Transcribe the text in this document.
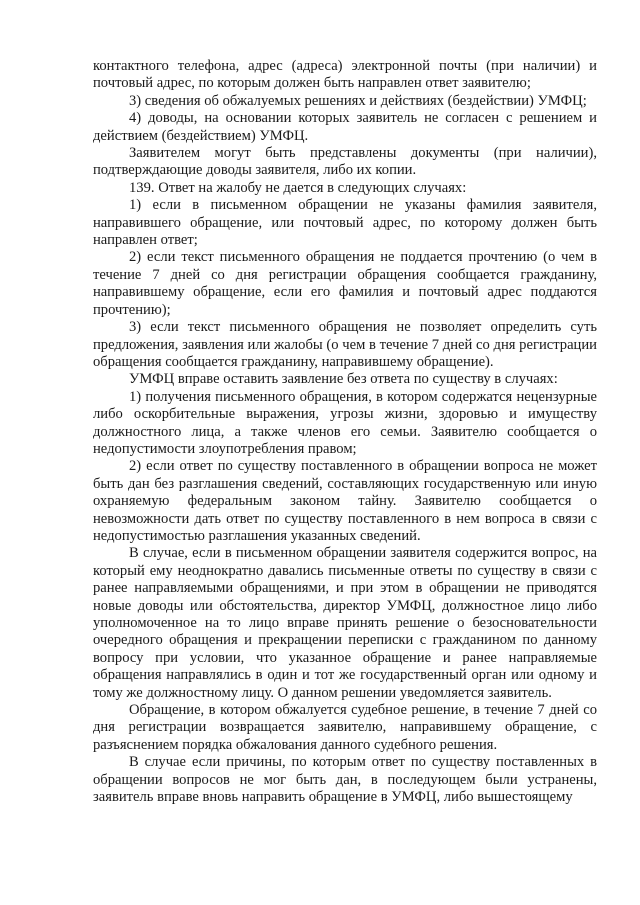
контактного телефона, адрес (адреса) электронной почты (при наличии) и почтовый адрес, по которым должен быть направлен ответ заявителю;

3) сведения об обжалуемых решениях и действиях (бездействии) УМФЦ;

4) доводы, на основании которых заявитель не согласен с решением и действием (бездействием) УМФЦ.

Заявителем могут быть представлены документы (при наличии), подтверждающие доводы заявителя, либо их копии.

139. Ответ на жалобу не дается в следующих случаях:

1) если в письменном обращении не указаны фамилия заявителя, направившего обращение, или почтовый адрес, по которому должен быть направлен ответ;

2) если текст письменного обращения не поддается прочтению (о чем в течение 7 дней со дня регистрации обращения сообщается гражданину, направившему обращение, если его фамилия и почтовый адрес поддаются прочтению);

3) если текст письменного обращения не позволяет определить суть предложения, заявления или жалобы (о чем в течение 7 дней со дня регистрации обращения сообщается гражданину, направившему обращение).

УМФЦ вправе оставить заявление без ответа по существу в случаях:

1) получения письменного обращения, в котором содержатся нецензурные либо оскорбительные выражения, угрозы жизни, здоровью и имуществу должностного лица, а также членов его семьи. Заявителю сообщается о недопустимости злоупотребления правом;

2) если ответ по существу поставленного в обращении вопроса не может быть дан без разглашения сведений, составляющих государственную или иную охраняемую федеральным законом тайну. Заявителю сообщается о невозможности дать ответ по существу поставленного в нем вопроса в связи с недопустимостью разглашения указанных сведений.

В случае, если в письменном обращении заявителя содержится вопрос, на который ему неоднократно давались письменные ответы по существу в связи с ранее направляемыми обращениями, и при этом в обращении не приводятся новые доводы или обстоятельства, директор УМФЦ, должностное лицо либо уполномоченное на то лицо вправе принять решение о безосновательности очередного обращения и прекращении переписки с гражданином по данному вопросу при условии, что указанное обращение и ранее направляемые обращения направлялись в один и тот же государственный орган или одному и тому же должностному лицу. О данном решении уведомляется заявитель.

Обращение, в котором обжалуется судебное решение, в течение 7 дней со дня регистрации возвращается заявителю, направившему обращение, с разъяснением порядка обжалования данного судебного решения.

В случае если причины, по которым ответ по существу поставленных в обращении вопросов не мог быть дан, в последующем были устранены, заявитель вправе вновь направить обращение в УМФЦ, либо вышестоящему
